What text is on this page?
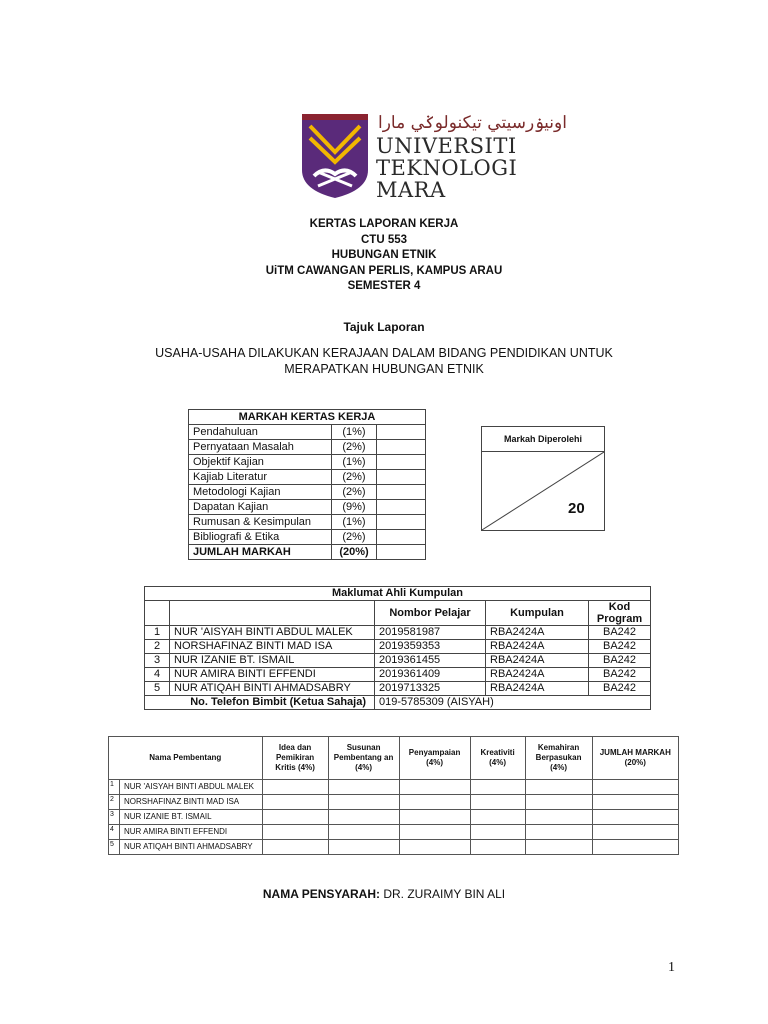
اونيۏرسيتي تيکنولوݢي مارا
UNIVERSITI
TEKNOLOGI
MARA
KERTAS LAPORAN KERJA
CTU 553
HUBUNGAN ETNIK
UiTM CAWANGAN PERLIS, KAMPUS ARAU
SEMESTER 4
Tajuk Laporan
USAHA-USAHA DILAKUKAN KERAJAAN DALAM BIDANG PENDIDIKAN UNTUK
MERAPATKAN HUBUNGAN ETNIK
MARKAH KERTAS KERJA		
Pendahuluan	(1%)	
Pernyataan Masalah	(2%)	
Objektif Kajian	(1%)	
Kajiab Literatur	(2%)	
Metodologi Kajian	(2%)	
Dapatan Kajian	(9%)	
Rumusan & Kesimpulan	(1%)	
Bibliografi & Etika	(2%)	
JUMLAH MARKAH	(20%)	
Markah Diperolehi
20
Maklumat Ahli Kumpulan				
		Nombor Pelajar	Kumpulan	Kod Program
1	NUR 'AISYAH BINTI ABDUL MALEK	2019581987	RBA2424A	BA242
2	NORSHAFINAZ BINTI MAD ISA	2019359353	RBA2424A	BA242
3	NUR IZANIE BT. ISMAIL	2019361455	RBA2424A	BA242
4	NUR AMIRA BINTI EFFENDI	2019361409	RBA2424A	BA242
5	NUR ATIQAH BINTI AHMADSABRY	2019713325	RBA2424A	BA242
No. Telefon Bimbit (Ketua Sahaja)		019-5785309 (AISYAH)		
Nama Pembentang		Idea dan Pemikiran Kritis (4%)	Susunan Pembentang an (4%)	Penyampaian (4%)	Kreativiti (4%)	Kemahiran Berpasukan (4%)	JUMLAH MARKAH (20%)
1	NUR 'AISYAH BINTI ABDUL MALEK						
2	NORSHAFINAZ BINTI MAD ISA						
3	NUR IZANIE BT. ISMAIL						
4	NUR AMIRA BINTI EFFENDI						
5	NUR ATIQAH BINTI AHMADSABRY						
NAMA PENSYARAH: DR. ZURAIMY BIN ALI
1
